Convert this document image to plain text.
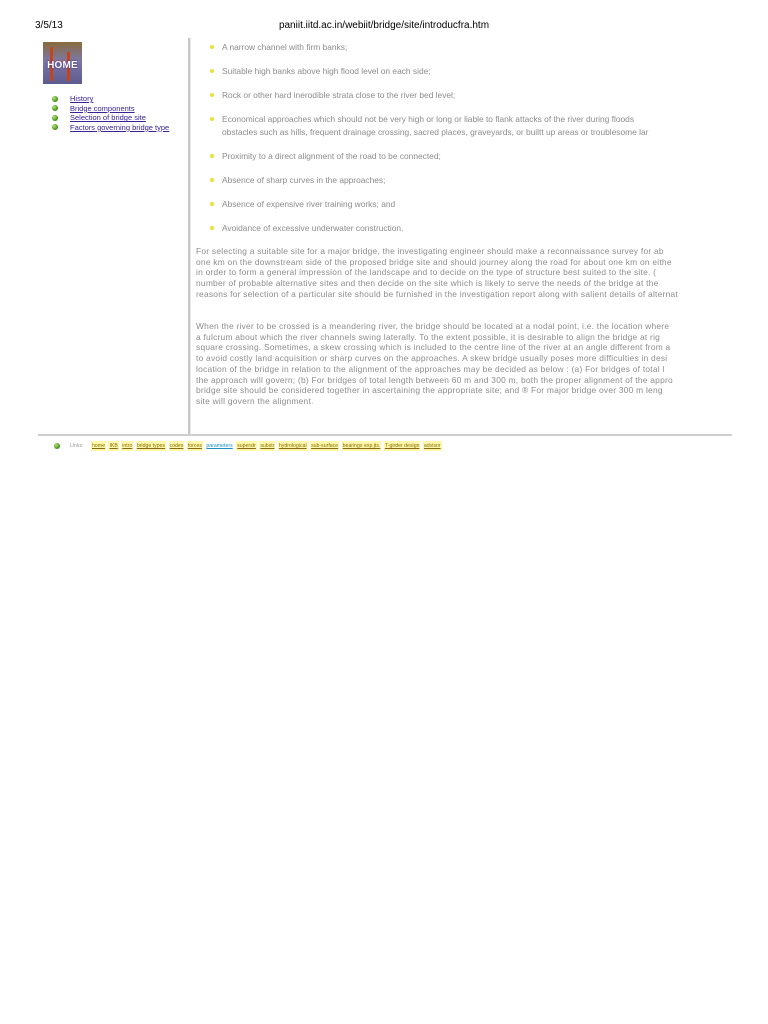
3/5/13	paniit.iitd.ac.in/webiit/bridge/site/introducfra.htm
HOME
History
Bridge components
Selection of bridge site
Factors governing bridge type
A narrow channel with firm banks;
Suitable high banks above high flood level on each side;
Rock or other hard inerodible strata close to the river bed level;
Economical approaches which should not be very high or long or liable to flank attacks of the river during floods
obstacles such as hills, frequent drainage crossing, sacred places, graveyards, or builtt up areas or troublesome lar
Proximity to a direct alignment of the road to be connected;
Absence of sharp curves in the approaches;
Absence of expensive river training works; and
Avoidance of excessive underwater construction.

For selecting a suitable site for a major bridge, the investigating engineer should make a reconnaissance survey for ab
one km on the downstream side of the proposed bridge site and should journey along the road for about one km on eithe
in order to form a general impression of the landscape and to decide on the type of structure best suited to the site. (
number of probable alternative sites and then decide on the site which is likely to serve the needs of the bridge at the
reasons for selection of a particular site should be furnished in the investigation report along with salient details of alternat

When the river to be crossed is a meandering river, the bridge should be located at a nodal point, i.e. the location where
a fulcrum about which the river channels swing laterally. To the extent possible, it is desirable to align the bridge at rig
square crossing. Sometimes, a skew crossing which is included to the centre line of the river at an angle different from a
to avoid costly land acquisition or sharp curves on the approaches. A skew bridge usually poses more difficulties in desi
location of the bridge in relation to the alignment of the approaches may be decided as below : (a) For bridges of total l
the approach will govern; (b) For bridges of total length between 60 m and 300 m, both the proper alignment of the appro
bridge site should be considered together in ascertaining the appropriate site; and ® For major bridge over 300 m leng
site will govern the alignment.

Links: home IKB intro bridge types codes forces parameters superstr substr hydrological sub-surface bearings exp.jts. T-girder design advisor
